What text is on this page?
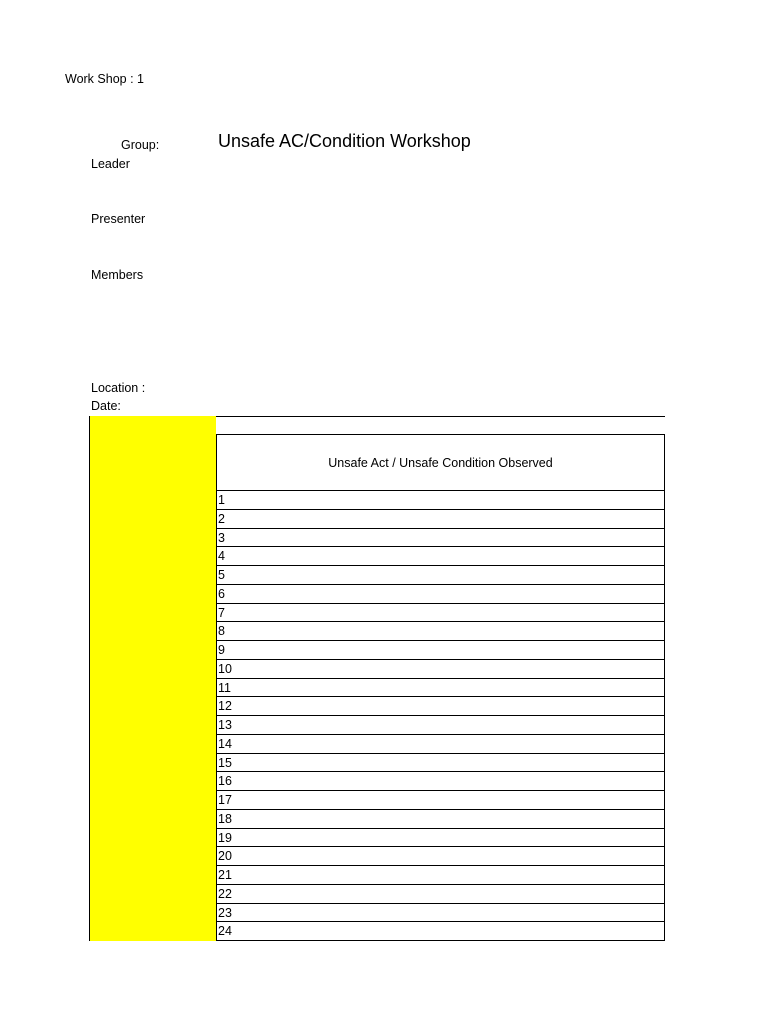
Work Shop : 1
Group:	Unsafe AC/Condition Workshop
Leader
Presenter
Members
Location :
Date:
Unsafe Act / Unsafe Condition Observed
1
2
3
4
5
6
7
8
9
10
11
12
13
14
15
16
17
18
19
20
21
22
23
24
